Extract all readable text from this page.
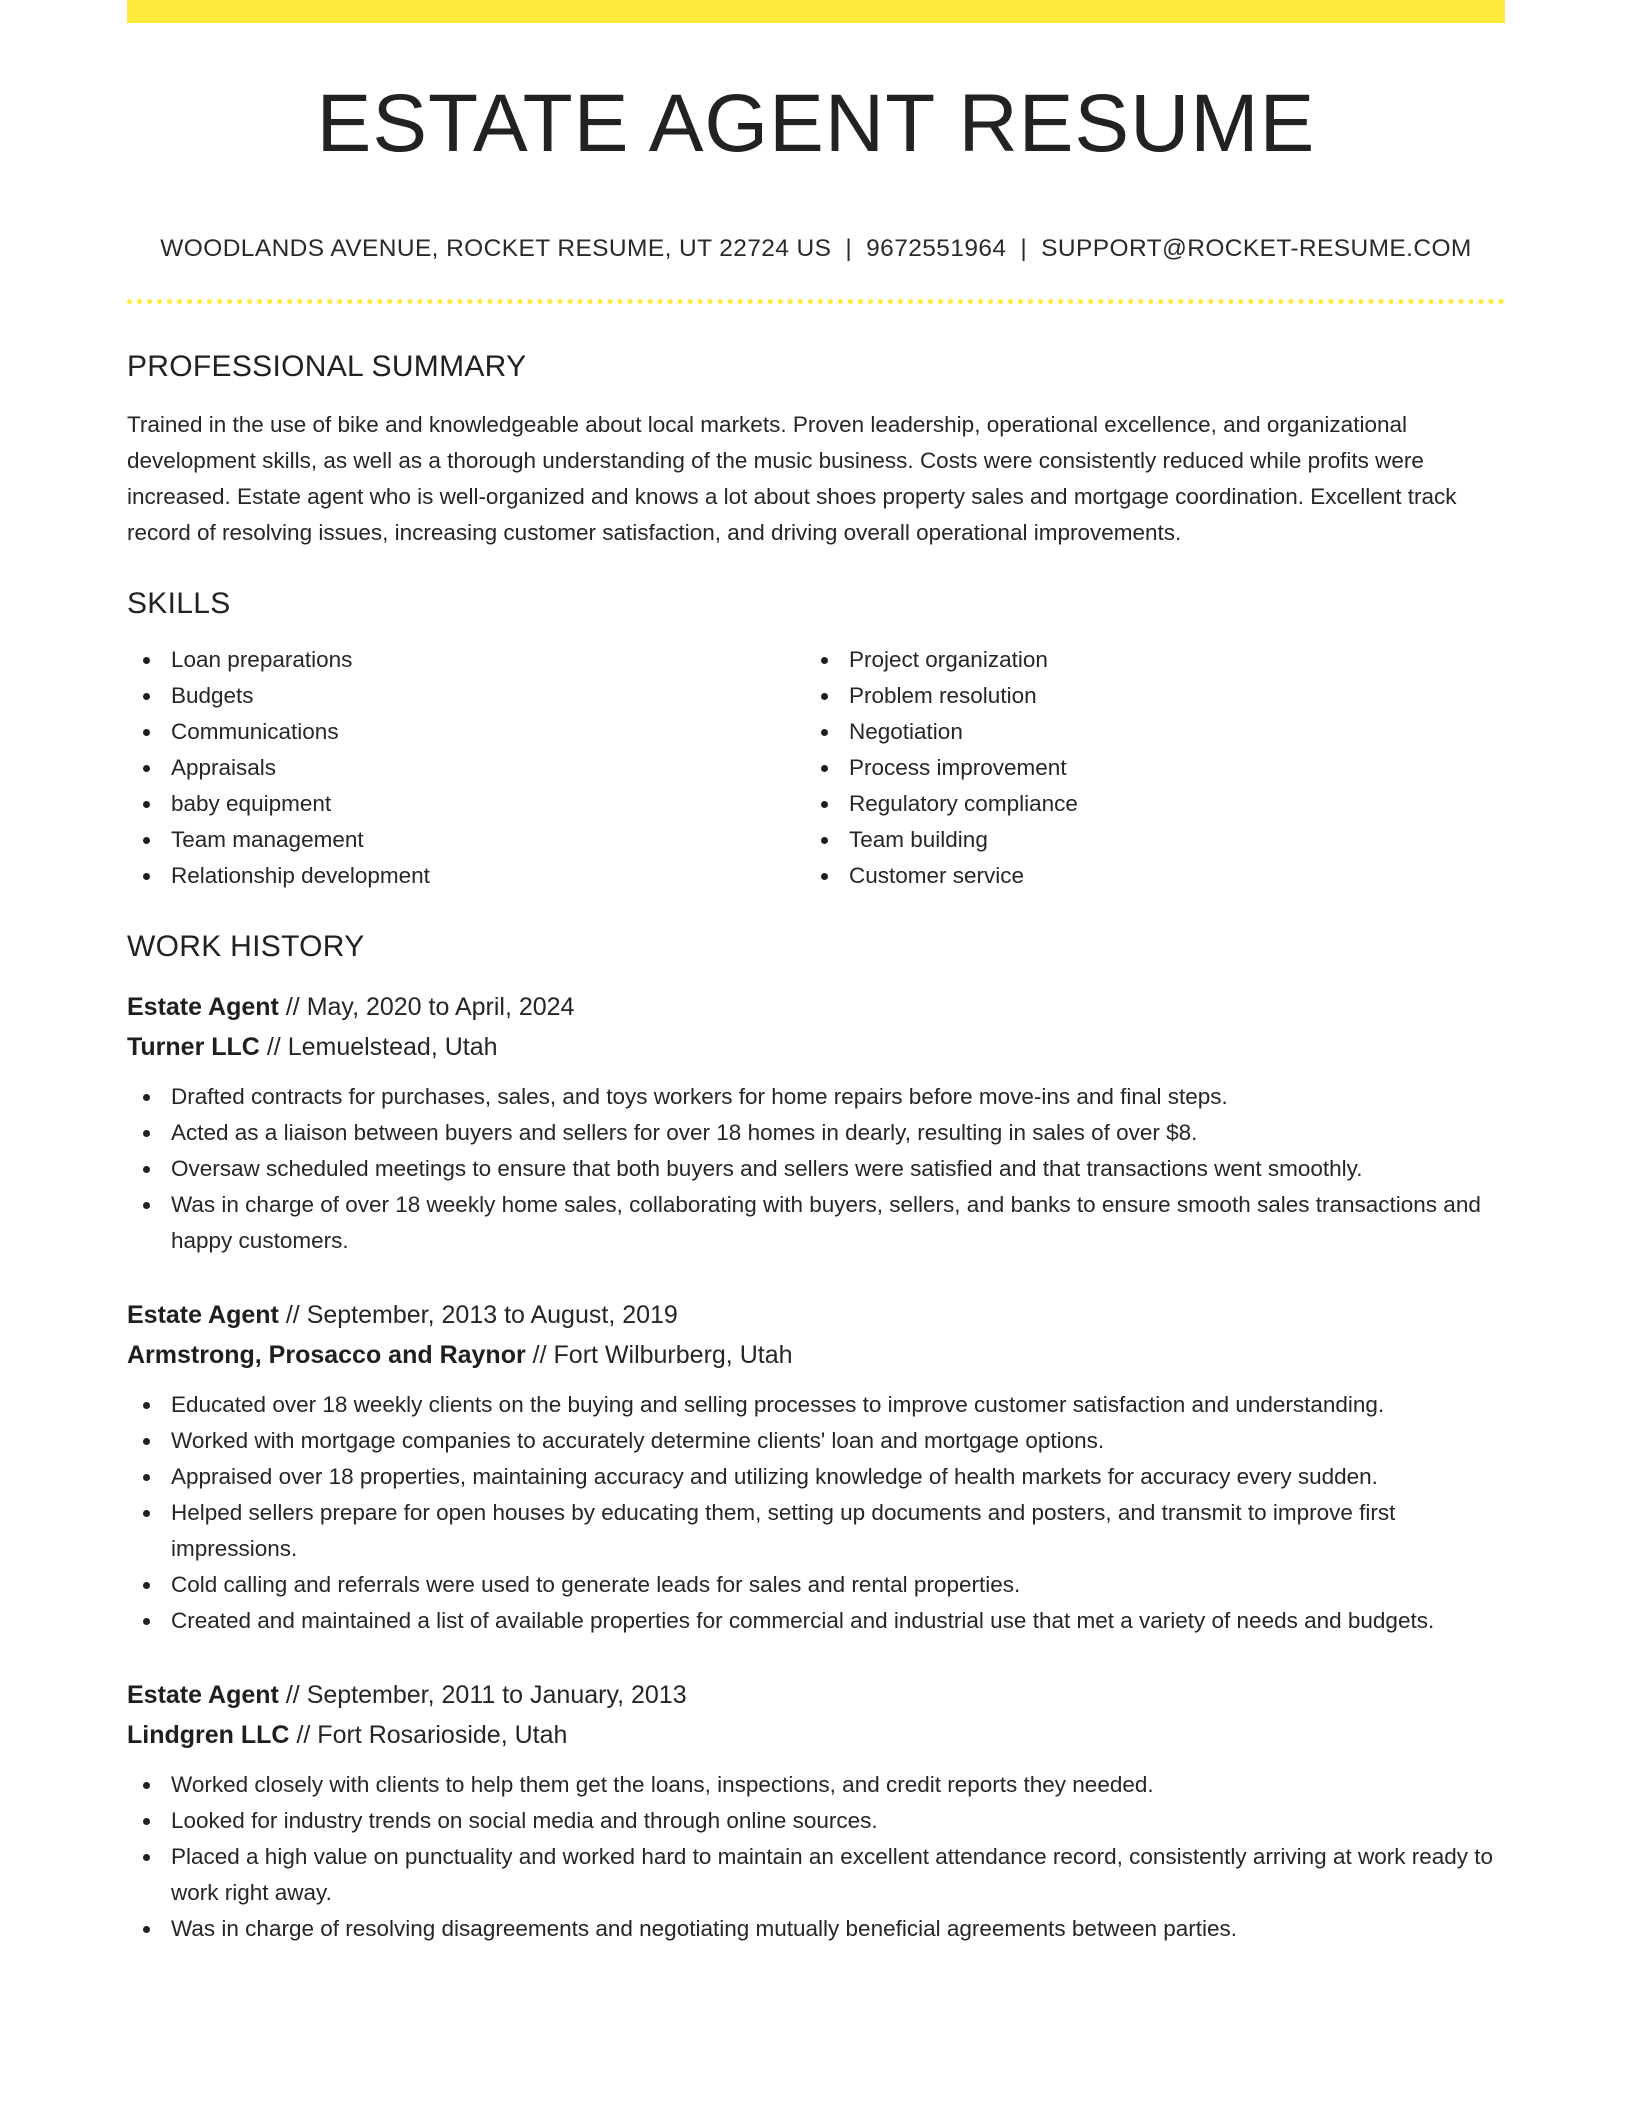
ESTATE AGENT RESUME
WOODLANDS AVENUE, ROCKET RESUME, UT 22724 US | 9672551964 | SUPPORT@ROCKET-RESUME.COM
PROFESSIONAL SUMMARY

Trained in the use of bike and knowledgeable about local markets. Proven leadership, operational excellence, and organizational development skills, as well as a thorough understanding of the music business. Costs were consistently reduced while profits were increased. Estate agent who is well-organized and knows a lot about shoes property sales and mortgage coordination. Excellent track record of resolving issues, increasing customer satisfaction, and driving overall operational improvements.

SKILLS
Loan preparations
Budgets
Communications
Appraisals
baby equipment
Team management
Relationship development
Project organization
Problem resolution
Negotiation
Process improvement
Regulatory compliance
Team building
Customer service
WORK HISTORY
Estate Agent // May, 2020 to April, 2024
Turner LLC // Lemuelstead, Utah
Drafted contracts for purchases, sales, and toys workers for home repairs before move-ins and final steps.
Acted as a liaison between buyers and sellers for over 18 homes in dearly, resulting in sales of over $8.
Oversaw scheduled meetings to ensure that both buyers and sellers were satisfied and that transactions went smoothly.
Was in charge of over 18 weekly home sales, collaborating with buyers, sellers, and banks to ensure smooth sales transactions and happy customers.
Estate Agent // September, 2013 to August, 2019
Armstrong, Prosacco and Raynor // Fort Wilburberg, Utah
Educated over 18 weekly clients on the buying and selling processes to improve customer satisfaction and understanding.
Worked with mortgage companies to accurately determine clients' loan and mortgage options.
Appraised over 18 properties, maintaining accuracy and utilizing knowledge of health markets for accuracy every sudden.
Helped sellers prepare for open houses by educating them, setting up documents and posters, and transmit to improve first impressions.
Cold calling and referrals were used to generate leads for sales and rental properties.
Created and maintained a list of available properties for commercial and industrial use that met a variety of needs and budgets.
Estate Agent // September, 2011 to January, 2013
Lindgren LLC // Fort Rosarioside, Utah
Worked closely with clients to help them get the loans, inspections, and credit reports they needed.
Looked for industry trends on social media and through online sources.
Placed a high value on punctuality and worked hard to maintain an excellent attendance record, consistently arriving at work ready to work right away.
Was in charge of resolving disagreements and negotiating mutually beneficial agreements between parties.
